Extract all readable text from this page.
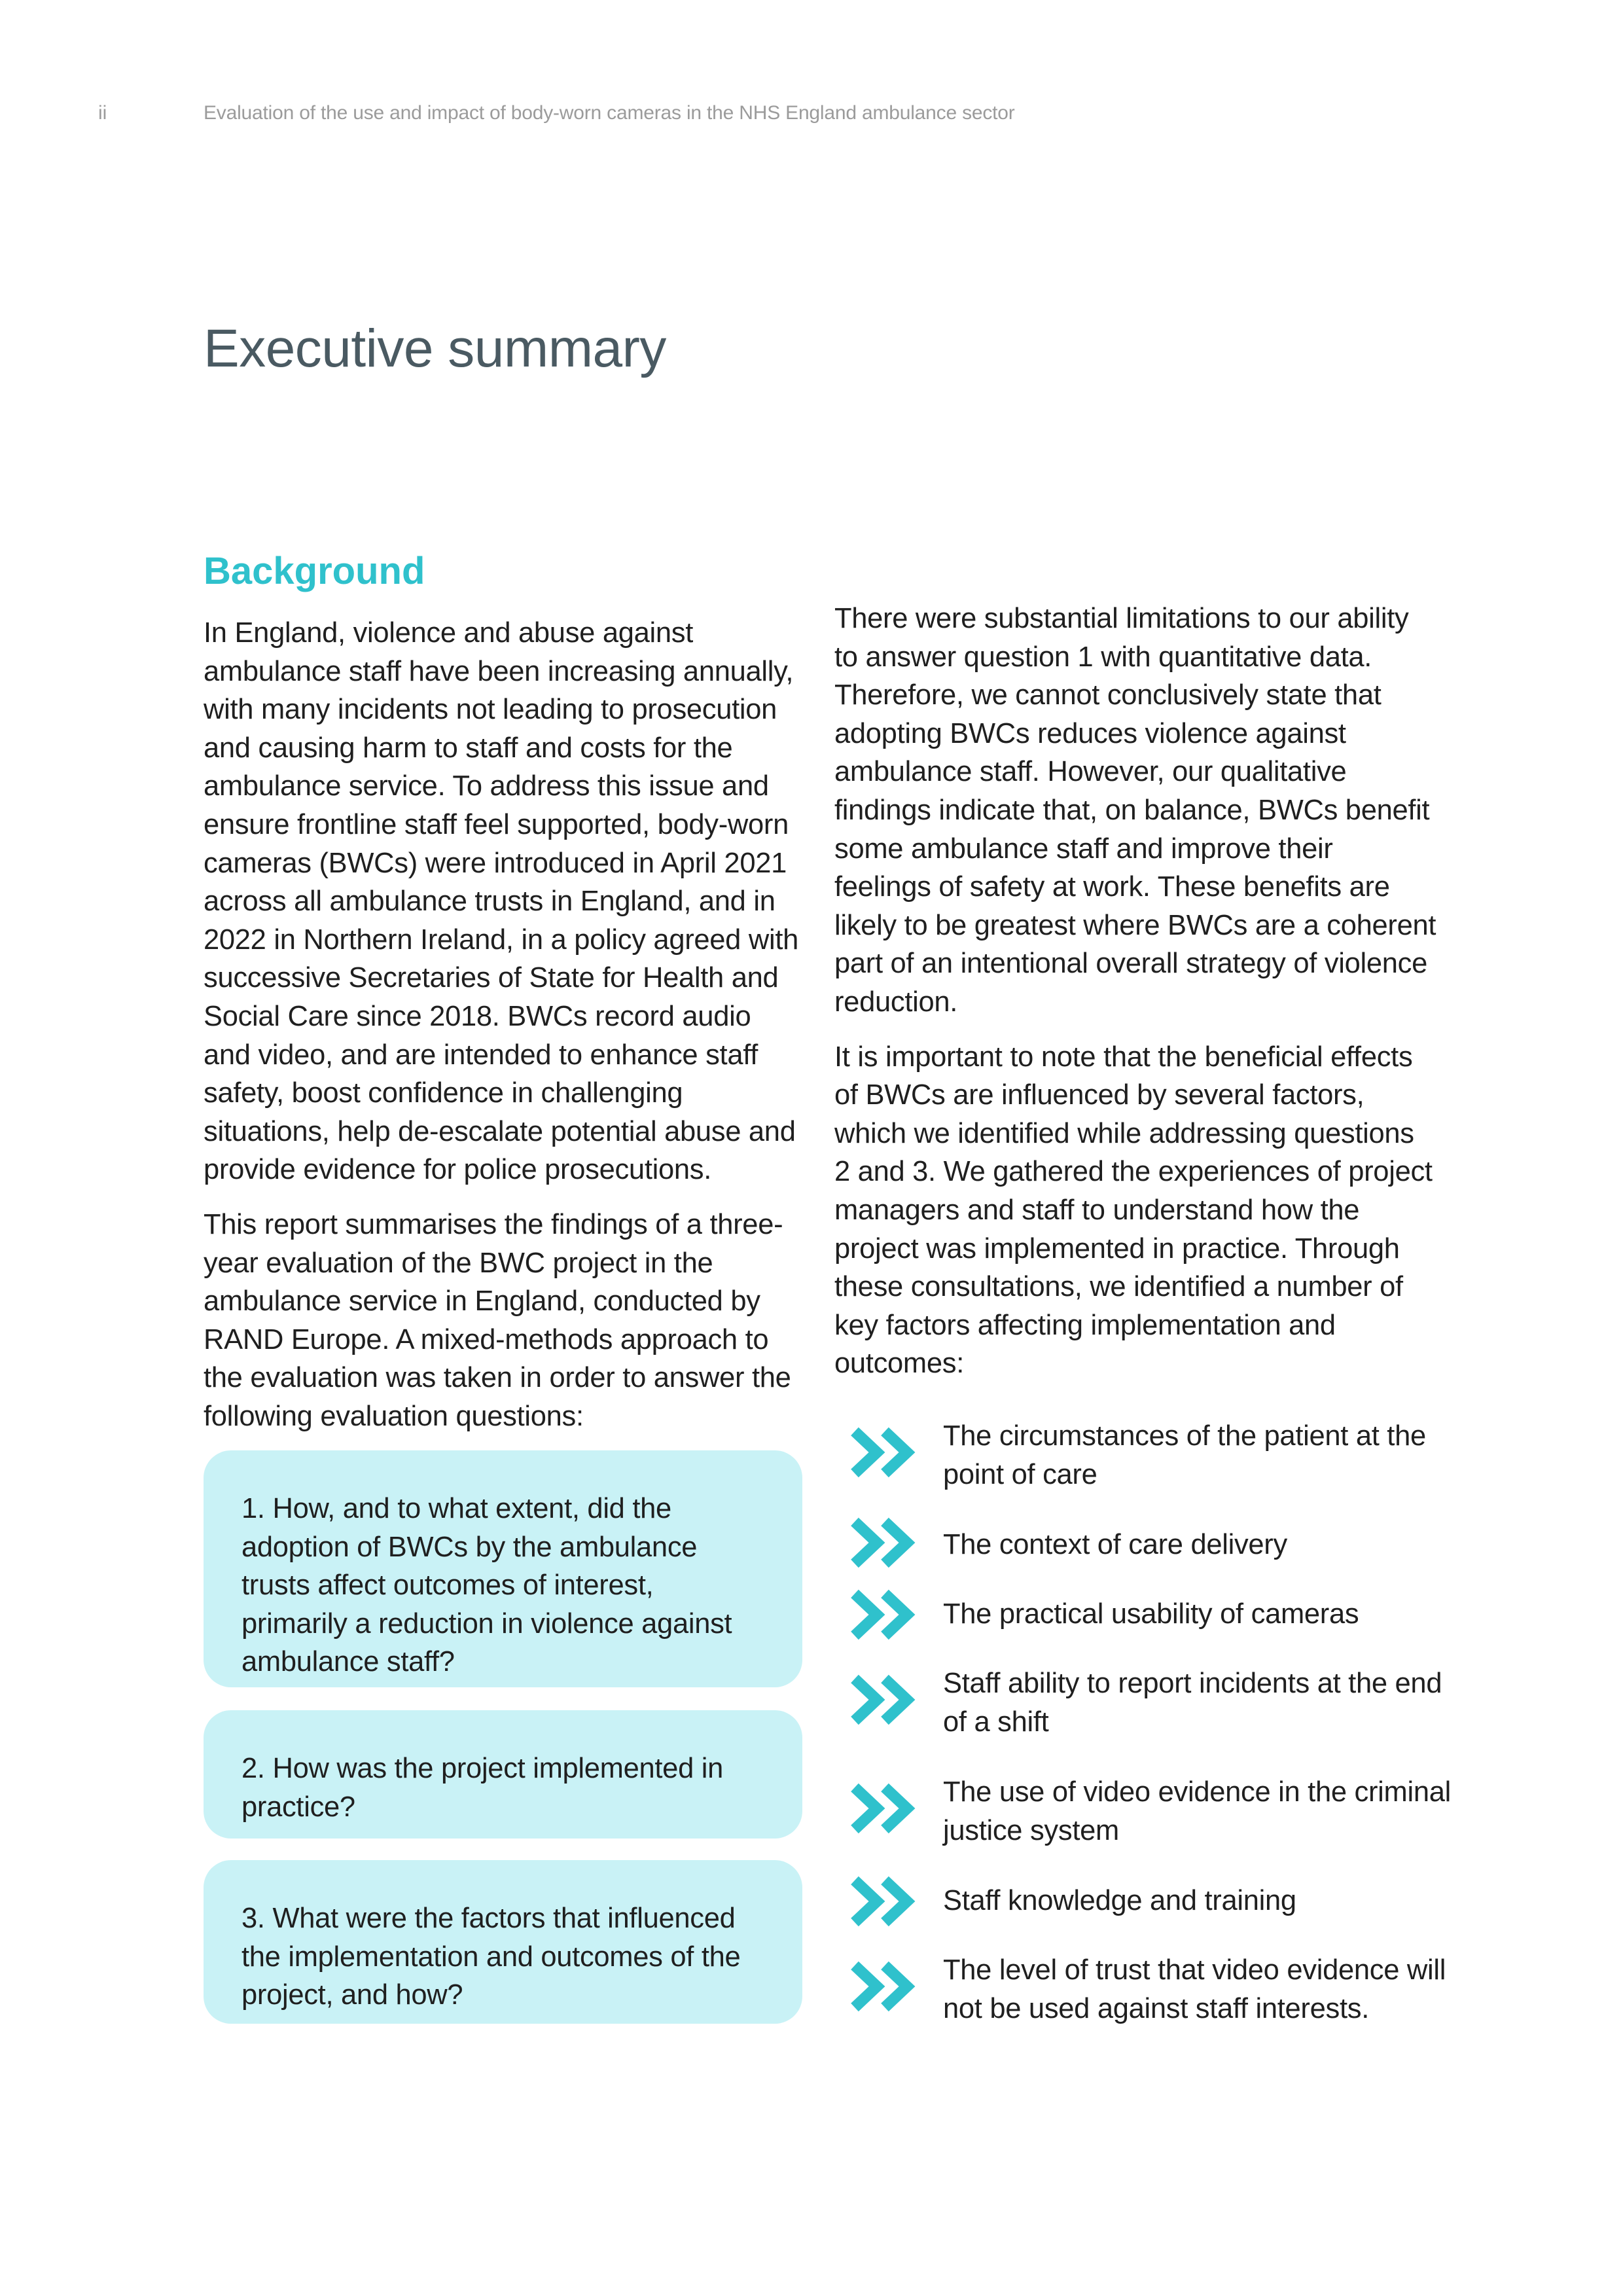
ii	Evaluation of the use and impact of body-worn cameras in the NHS England ambulance sector
Executive summary
Background

In England, violence and abuse against ambulance staff have been increasing annually, with many incidents not leading to prosecution and causing harm to staff and costs for the ambulance service. To address this issue and ensure frontline staff feel supported, body-worn cameras (BWCs) were introduced in April 2021 across all ambulance trusts in England, and in 2022 in Northern Ireland, in a policy agreed with successive Secretaries of State for Health and Social Care since 2018. BWCs record audio and video, and are intended to enhance staff safety, boost confidence in challenging situations, help de-escalate potential abuse and provide evidence for police prosecutions.

This report summarises the findings of a three-year evaluation of the BWC project in the ambulance service in England, conducted by RAND Europe. A mixed-methods approach to the evaluation was taken in order to answer the following evaluation questions:

1. How, and to what extent, did the adoption of BWCs by the ambulance trusts affect outcomes of interest, primarily a reduction in violence against ambulance staff?
2. How was the project implemented in practice?
3. What were the factors that influenced the implementation and outcomes of the project, and how?

There were substantial limitations to our ability to answer question 1 with quantitative data. Therefore, we cannot conclusively state that adopting BWCs reduces violence against ambulance staff. However, our qualitative findings indicate that, on balance, BWCs benefit some ambulance staff and improve their feelings of safety at work. These benefits are likely to be greatest where BWCs are a coherent part of an intentional overall strategy of violence reduction.

It is important to note that the beneficial effects of BWCs are influenced by several factors, which we identified while addressing questions 2 and 3. We gathered the experiences of project managers and staff to understand how the project was implemented in practice. Through these consultations, we identified a number of key factors affecting implementation and outcomes:

The circumstances of the patient at the point of care
The context of care delivery
The practical usability of cameras
Staff ability to report incidents at the end of a shift
The use of video evidence in the criminal justice system
Staff knowledge and training
The level of trust that video evidence will not be used against staff interests.
